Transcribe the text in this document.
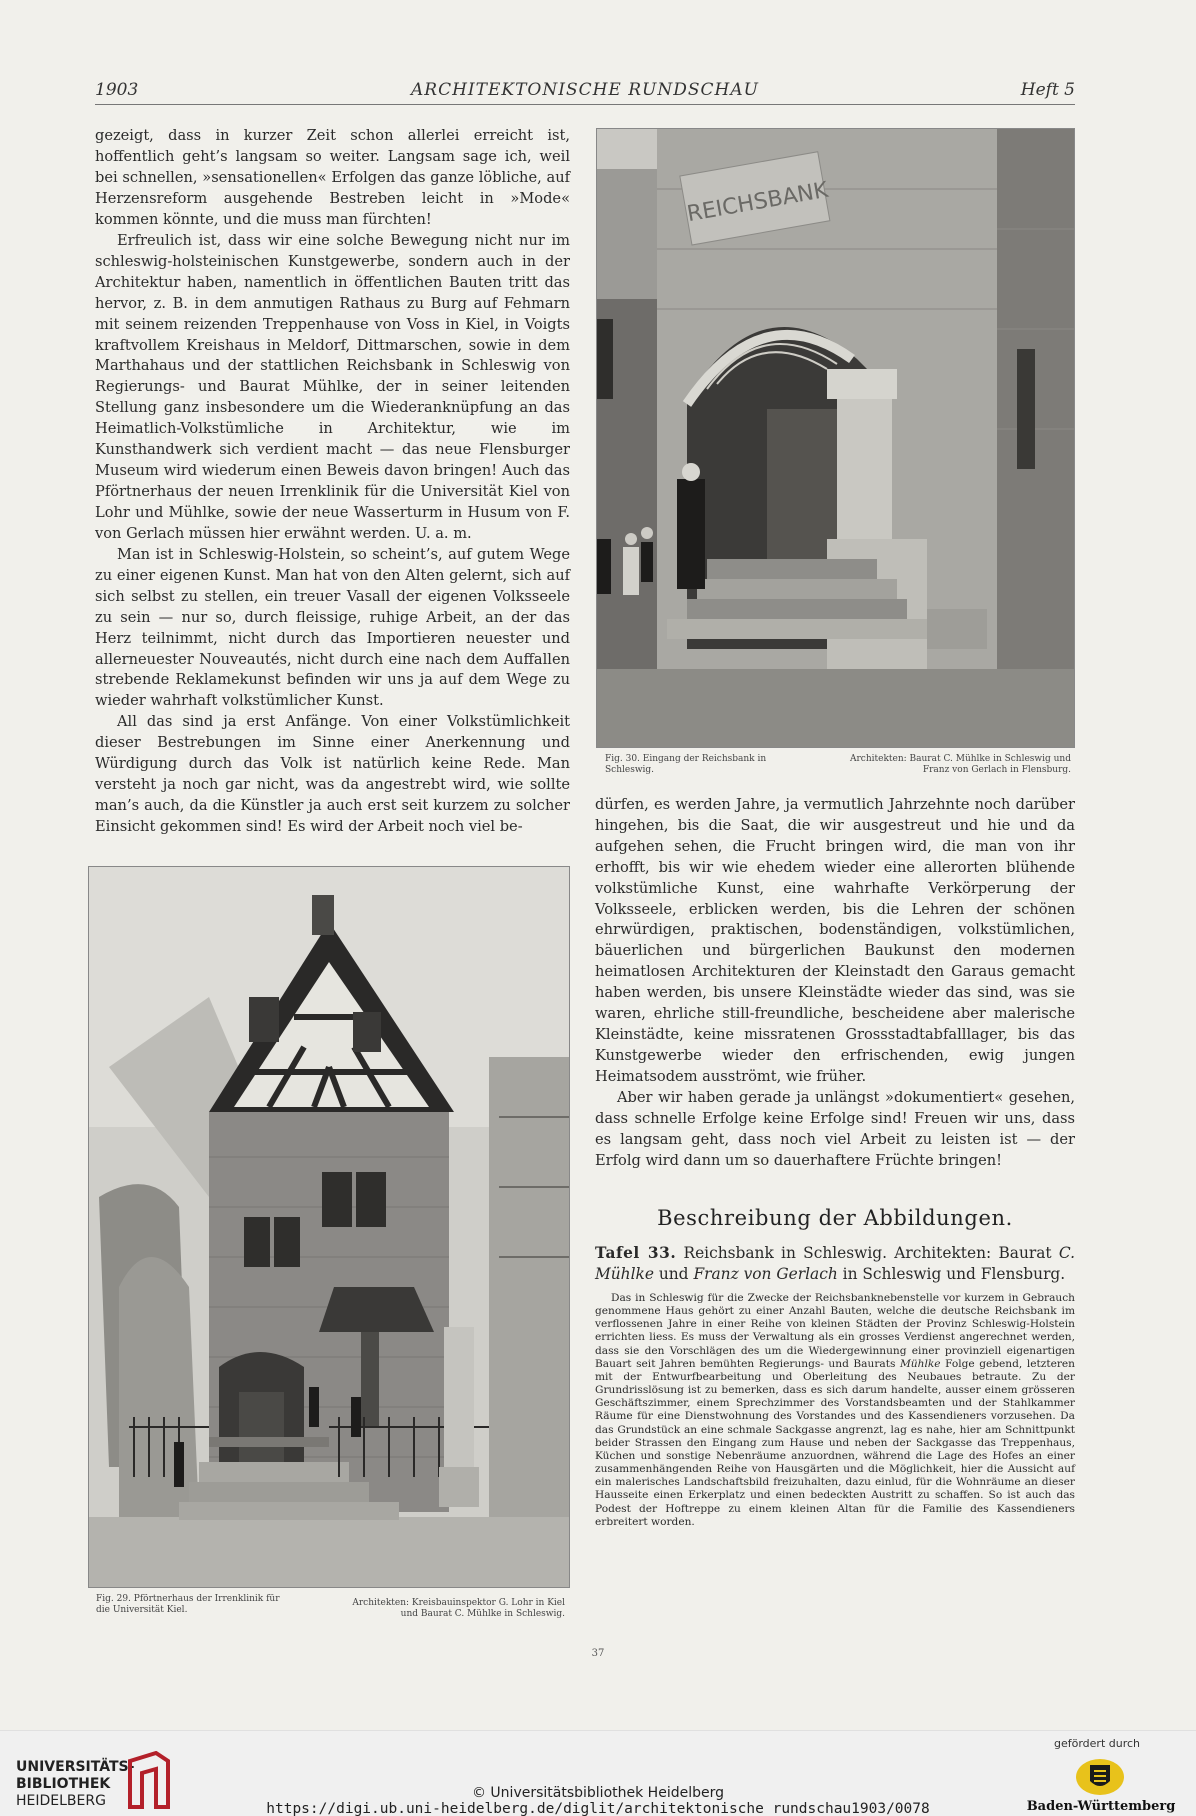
1903	ARCHITEKTONISCHE RUNDSCHAU	Heft 5
gezeigt, dass in kurzer Zeit schon allerlei erreicht ist, hoffentlich geht’s langsam so weiter. Langsam sage ich, weil bei schnellen, »sensationellen« Erfolgen das ganze löbliche, auf Herzensreform ausgehende Bestreben leicht in »Mode« kommen könnte, und die muss man fürchten!
Erfreulich ist, dass wir eine solche Bewegung nicht nur im schleswig-holsteinischen Kunstgewerbe, sondern auch in der Architektur haben, namentlich in öffentlichen Bauten tritt das hervor, z. B. in dem anmutigen Rathaus zu Burg auf Fehmarn mit seinem reizenden Treppenhause von Voss in Kiel, in Voigts kraftvollem Kreishaus in Meldorf, Dittmarschen, sowie in dem Marthahaus und der stattlichen Reichsbank in Schleswig von Regierungs- und Baurat Mühlke, der in seiner leitenden Stellung ganz insbesondere um die Wiederanknüpfung an das Heimatlich-Volkstümliche in Architektur, wie im Kunsthandwerk sich verdient macht — das neue Flensburger Museum wird wiederum einen Beweis davon bringen! Auch das Pförtnerhaus der neuen Irrenklinik für die Universität Kiel von Lohr und Mühlke, sowie der neue Wasserturm in Husum von F. von Gerlach müssen hier erwähnt werden. U. a. m.
Man ist in Schleswig-Holstein, so scheint’s, auf gutem Wege zu einer eigenen Kunst. Man hat von den Alten gelernt, sich auf sich selbst zu stellen, ein treuer Vasall der eigenen Volksseele zu sein — nur so, durch fleissige, ruhige Arbeit, an der das Herz teilnimmt, nicht durch das Importieren neuester und allerneuester Nouveautés, nicht durch eine nach dem Auffallen strebende Reklamekunst befinden wir uns ja auf dem Wege zu wieder wahrhaft volkstümlicher Kunst.
All das sind ja erst Anfänge. Von einer Volkstümlichkeit dieser Bestrebungen im Sinne einer Anerkennung und Würdigung durch das Volk ist natürlich keine Rede. Man versteht ja noch gar nicht, was da angestrebt wird, wie sollte man’s auch, da die Künstler ja auch erst seit kurzem zu solcher Einsicht gekommen sind! Es wird der Arbeit noch viel be-
REICHSBANK
Fig. 30. Eingang der Reichsbank in Schleswig.
Architekten: Baurat C. Mühlke in Schleswig und Franz von Gerlach in Flensburg.
dürfen, es werden Jahre, ja vermutlich Jahrzehnte noch darüber hingehen, bis die Saat, die wir ausgestreut und hie und da aufgehen sehen, die Frucht bringen wird, die man von ihr erhofft, bis wir wie ehedem wieder eine allerorten blühende volkstümliche Kunst, eine wahrhafte Verkörperung der Volksseele, erblicken werden, bis die Lehren der schönen ehrwürdigen, praktischen, bodenständigen, volkstümlichen, bäuerlichen und bürgerlichen Baukunst den modernen heimatlosen Architekturen der Kleinstadt den Garaus gemacht haben werden, bis unsere Kleinstädte wieder das sind, was sie waren, ehrliche still-freundliche, bescheidene aber malerische Kleinstädte, keine missratenen Grossstadtabfalllager, bis das Kunstgewerbe wieder den erfrischenden, ewig jungen Heimatsodem ausströmt, wie früher.
Aber wir haben gerade ja unlängst »dokumentiert« gesehen, dass schnelle Erfolge keine Erfolge sind! Freuen wir uns, dass es langsam geht, dass noch viel Arbeit zu leisten ist — der Erfolg wird dann um so dauerhaftere Früchte bringen!
Beschreibung der Abbildungen.
Tafel 33. Reichsbank in Schleswig. Architekten: Baurat C. Mühlke und Franz von Gerlach in Schleswig und Flensburg.

Das in Schleswig für die Zwecke der Reichsbanknebenstelle vor kurzem in Gebrauch genommene Haus gehört zu einer Anzahl Bauten, welche die deutsche Reichsbank im verflossenen Jahre in einer Reihe von kleinen Städten der Provinz Schleswig-Holstein errichten liess. Es muss der Verwaltung als ein grosses Verdienst angerechnet werden, dass sie den Vorschlägen des um die Wiedergewinnung einer provinziell eigenartigen Bauart seit Jahren bemühten Regierungs- und Baurats Mühlke Folge gebend, letzteren mit der Entwurfbearbeitung und Oberleitung des Neubaues betraute. Zu der Grundrisslösung ist zu bemerken, dass es sich darum handelte, ausser einem grösseren Geschäftszimmer, einem Sprechzimmer des Vorstandsbeamten und der Stahlkammer Räume für eine Dienstwohnung des Vorstandes und des Kassendieners vorzusehen. Da das Grundstück an eine schmale Sackgasse angrenzt, lag es nahe, hier am Schnittpunkt beider Strassen den Eingang zum Hause und neben der Sackgasse das Treppenhaus, Küchen und sonstige Nebenräume anzuordnen, während die Lage des Hofes an einer zusammenhängenden Reihe von Hausgärten und die Möglichkeit, hier die Aussicht auf ein malerisches Landschaftsbild freizuhalten, dazu einlud, für die Wohnräume an dieser Hausseite einen Erkerplatz und einen bedeckten Austritt zu schaffen. So ist auch das Podest der Hoftreppe zu einem kleinen Altan für die Familie des Kassendieners erbreitert worden.

Fig. 29. Pförtnerhaus der Irrenklinik für die Universität Kiel.
Architekten: Kreisbauinspektor G. Lohr in Kiel und Baurat C. Mühlke in Schleswig.
37
UNIVERSITÄTS-
BIBLIOTHEK
HEIDELBERG	© Universitätsbibliothek Heidelberg
https://digi.ub.uni-heidelberg.de/diglit/architektonische_rundschau1903/0078
gefördert durch
Baden-Württemberg
